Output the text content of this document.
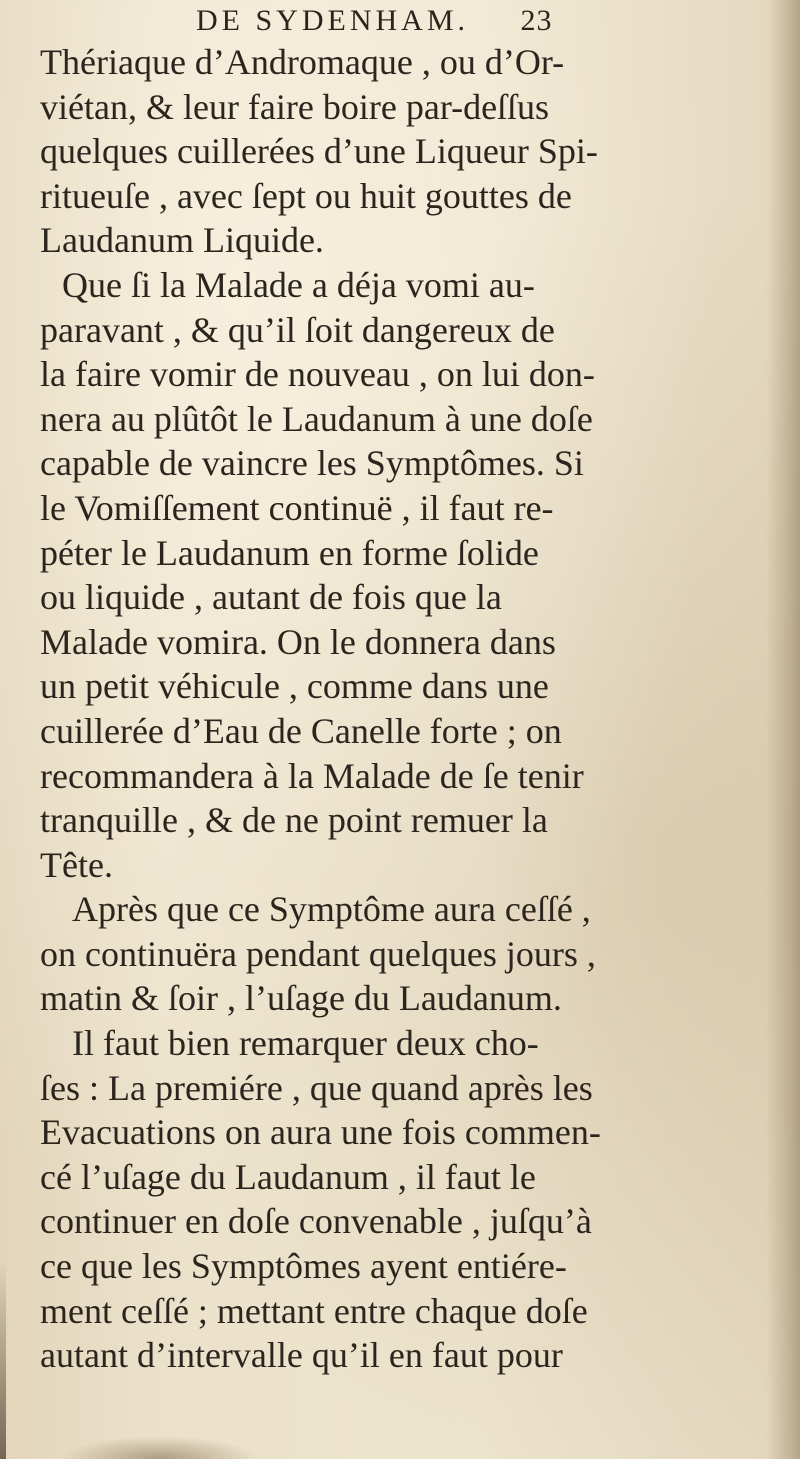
DE SYDENHAM. 23
Thériaque d’Andromaque , ou d’Or-
viétan, & leur faire boire par-deſſus
quelques cuillerées d’une Liqueur Spi-
ritueuſe , avec ſept ou huit gouttes de
Laudanum Liquide.
Que ſi la Malade a déja vomi au-
paravant , & qu’il ſoit dangereux de
la faire vomir de nouveau , on lui don-
nera au plûtôt le Laudanum à une doſe
capable de vaincre les Symptômes. Si
le Vomiſſement continuë , il faut re-
péter le Laudanum en forme ſolide
ou liquide , autant de fois que la
Malade vomira. On le donnera dans
un petit véhicule , comme dans une
cuillerée d’Eau de Canelle forte ; on
recommandera à la Malade de ſe tenir
tranquille , & de ne point remuer la
Tête.
Après que ce Symptôme aura ceſſé ,
on continuëra pendant quelques jours ,
matin & ſoir , l’uſage du Laudanum.
Il faut bien remarquer deux cho-
ſes : La premiére , que quand après les
Evacuations on aura une fois commen-
cé l’uſage du Laudanum , il faut le
continuer en doſe convenable , juſqu’à
ce que les Symptômes ayent entiére-
ment ceſſé ; mettant entre chaque doſe
autant d’intervalle qu’il en faut pour
